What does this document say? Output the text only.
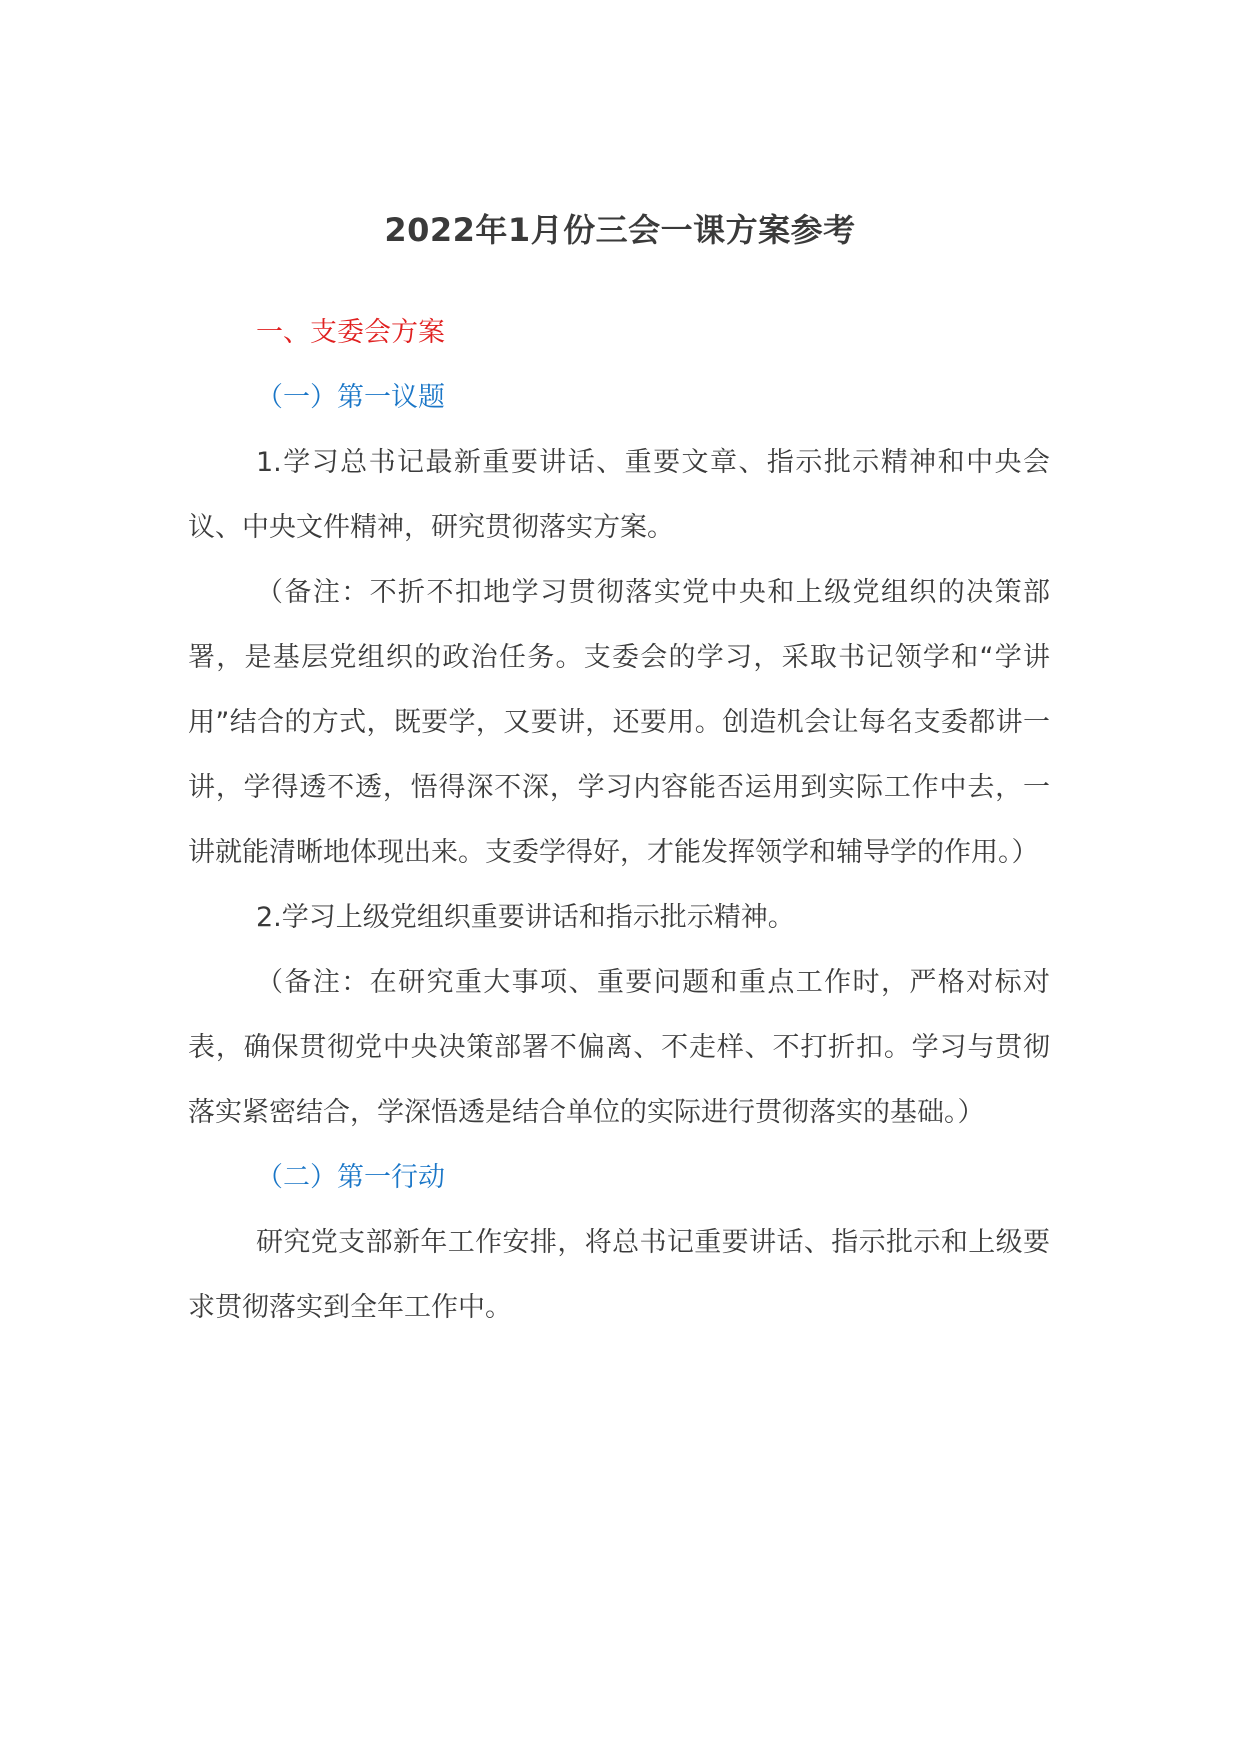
2022年1月份三会一课方案参考

一、支委会方案

（一）第一议题

1.学习总书记最新重要讲话、重要文章、指示批示精神和中央会议、中央文件精神，研究贯彻落实方案。

（备注：不折不扣地学习贯彻落实党中央和上级党组织的决策部署，是基层党组织的政治任务。支委会的学习，采取书记领学和“学讲用”结合的方式，既要学，又要讲，还要用。创造机会让每名支委都讲一讲，学得透不透，悟得深不深，学习内容能否运用到实际工作中去，一讲就能清晰地体现出来。支委学得好，才能发挥领学和辅导学的作用。）

2.学习上级党组织重要讲话和指示批示精神。

（备注：在研究重大事项、重要问题和重点工作时，严格对标对表，确保贯彻党中央决策部署不偏离、不走样、不打折扣。学习与贯彻落实紧密结合，学深悟透是结合单位的实际进行贯彻落实的基础。）

（二）第一行动

研究党支部新年工作安排，将总书记重要讲话、指示批示和上级要求贯彻落实到全年工作中。
